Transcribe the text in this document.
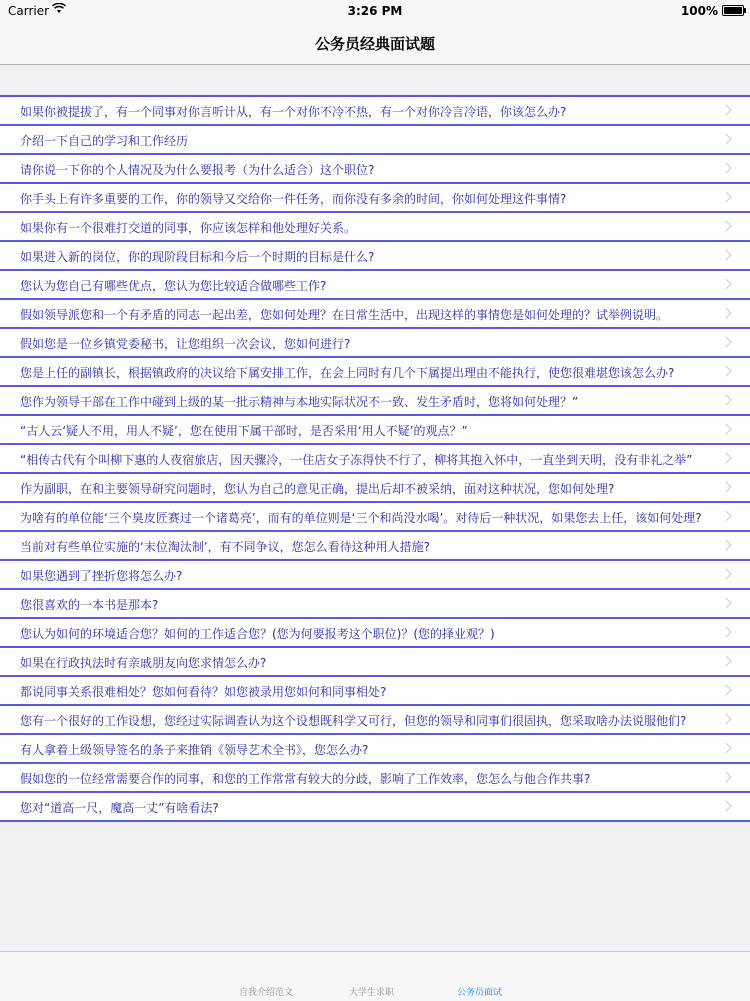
Carrier	3:26 PM	100%
公务员经典面试题
如果你被提拔了，有一个同事对你言听计从，有一个对你不冷不热，有一个对你冷言冷语，你该怎么办?
介绍一下自己的学习和工作经历
请你说一下你的个人情况及为什么要报考（为什么适合）这个职位?
你手头上有许多重要的工作，你的领导又交给你一件任务，而你没有多余的时间，你如何处理这件事情?
如果你有一个很难打交道的同事，你应该怎样和他处理好关系。
如果进入新的岗位，你的现阶段目标和今后一个时期的目标是什么?
您认为您自己有哪些优点，您认为您比较适合做哪些工作?
假如领导派您和一个有矛盾的同志一起出差，您如何处理？在日常生活中，出现这样的事情您是如何处理的？试举例说明。
假如您是一位乡镇党委秘书，让您组织一次会议，您如何进行?
您是上任的副镇长，根据镇政府的决议给下属安排工作，在会上同时有几个下属提出理由不能执行，使您很难堪您该怎么办?
您作为领导干部在工作中碰到上级的某一批示精神与本地实际状况不一致、发生矛盾时，您将如何处理？”
“古人云‘疑人不用，用人不疑’，您在使用下属干部时，是否采用‘用人不疑’的观点？”
“相传古代有个叫柳下惠的人夜宿旅店，因天骤冷，一住店女子冻得快不行了，柳将其抱入怀中，一直坐到天明，没有非礼之举”
作为副职，在和主要领导研究问题时，您认为自己的意见正确，提出后却不被采纳，面对这种状况，您如何处理?
为啥有的单位能‘三个臭皮匠赛过一个诸葛亮’，而有的单位则是‘三个和尚没水喝’。对待后一种状况，如果您去上任，该如何处理?
当前对有些单位实施的‘末位淘汰制’，有不同争议，您怎么看待这种用人措施?
如果您遇到了挫折您将怎么办?
您很喜欢的一本书是那本?
您认为如何的环境适合您？如何的工作适合您？(您为何要报考这个职位)？(您的择业观？)
如果在行政执法时有亲戚朋友向您求情怎么办?
都说同事关系很难相处？您如何看待？如您被录用您如何和同事相处?
您有一个很好的工作设想，您经过实际调查认为这个设想既科学又可行，但您的领导和同事们很固执，您采取啥办法说服他们?
有人拿着上级领导签名的条子来推销《领导艺术全书》，您怎么办?
假如您的一位经常需要合作的同事，和您的工作常常有较大的分歧，影响了工作效率，您怎么与他合作共事?
您对“道高一尺，魔高一丈”有啥看法?
自我介绍范文	大学生求职	公务员面试
